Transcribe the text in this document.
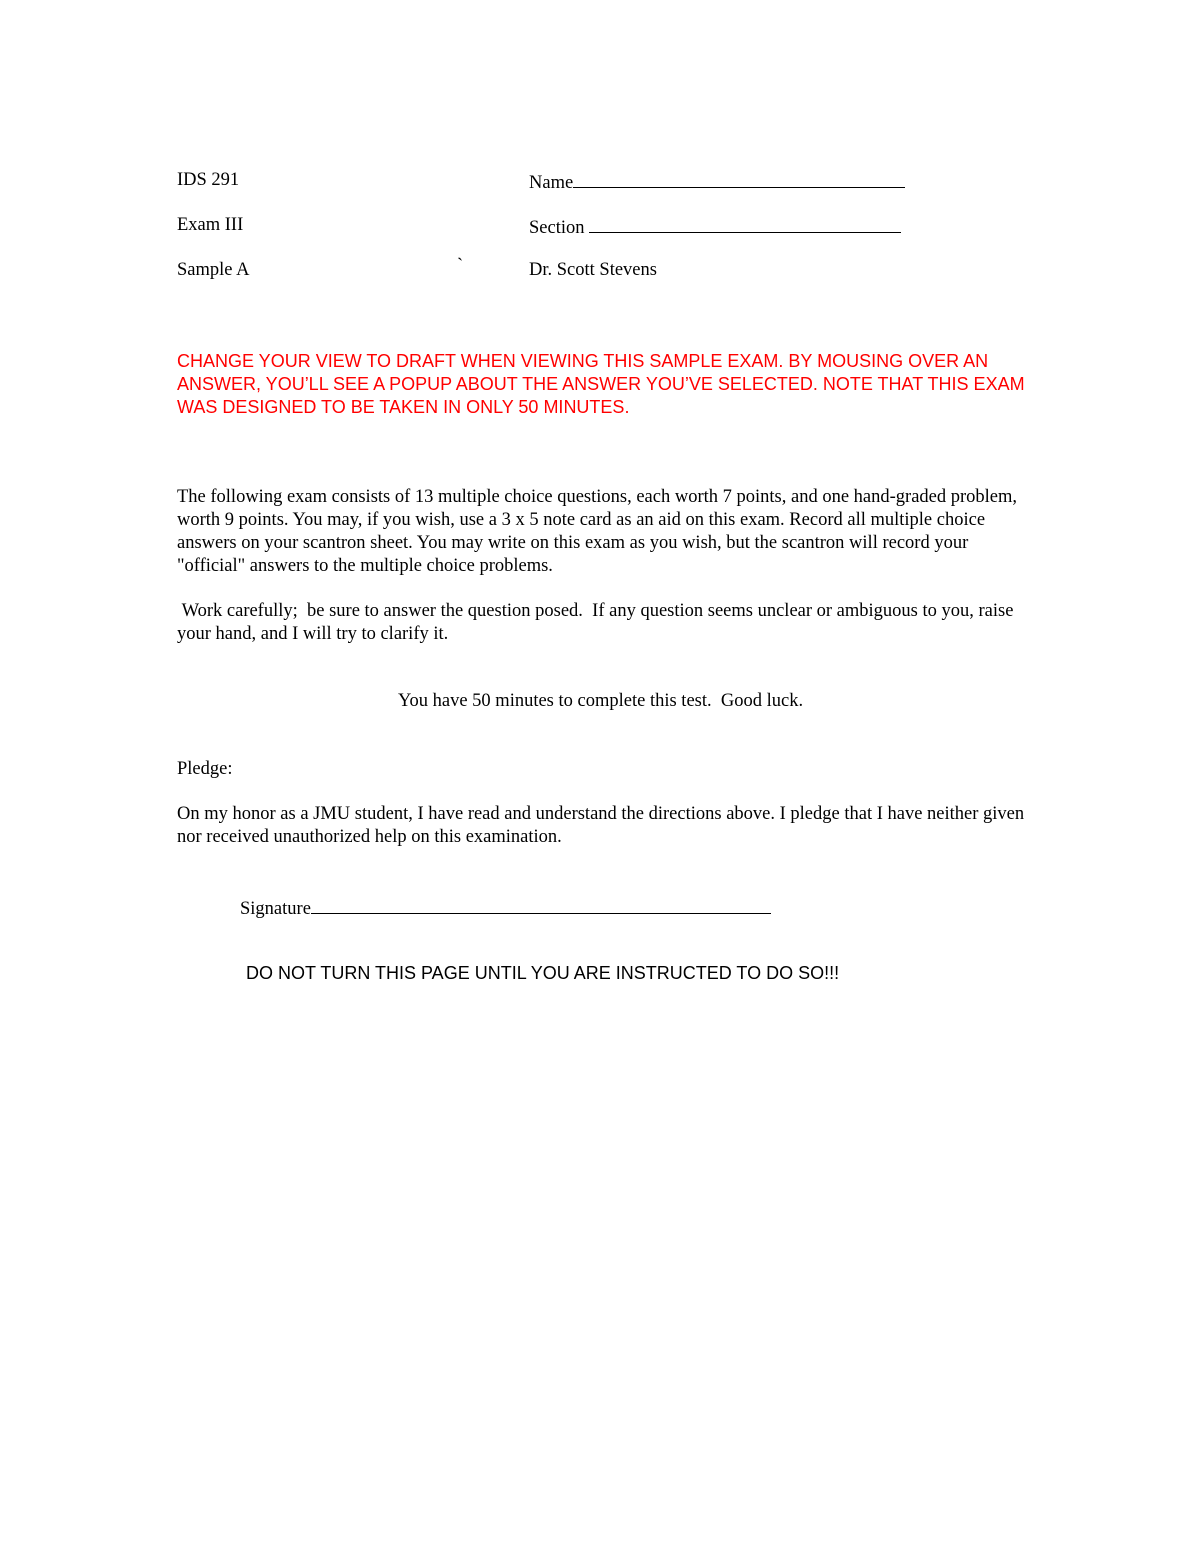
IDS 291
Exam III
Sample A	`
Name
Section
Dr. Scott Stevens
CHANGE YOUR VIEW TO DRAFT WHEN VIEWING THIS SAMPLE EXAM. BY MOUSING OVER AN ANSWER, YOU’LL SEE A POPUP ABOUT THE ANSWER YOU’VE SELECTED. NOTE THAT THIS EXAM WAS DESIGNED TO BE TAKEN IN ONLY 50 MINUTES.
The following exam consists of 13 multiple choice questions, each worth 7 points, and one hand-graded problem, worth 9 points. You may, if you wish, use a 3 x 5 note card as an aid on this exam. Record all multiple choice answers on your scantron sheet. You may write on this exam as you wish, but the scantron will record your "official" answers to the multiple choice problems.
Work carefully;  be sure to answer the question posed.  If any question seems unclear or ambiguous to you, raise your hand, and I will try to clarify it.
You have 50 minutes to complete this test.  Good luck.
Pledge:
On my honor as a JMU student, I have read and understand the directions above. I pledge that I have neither given nor received unauthorized help on this examination.
Signature
DO NOT TURN THIS PAGE UNTIL YOU ARE INSTRUCTED TO DO SO!!!
